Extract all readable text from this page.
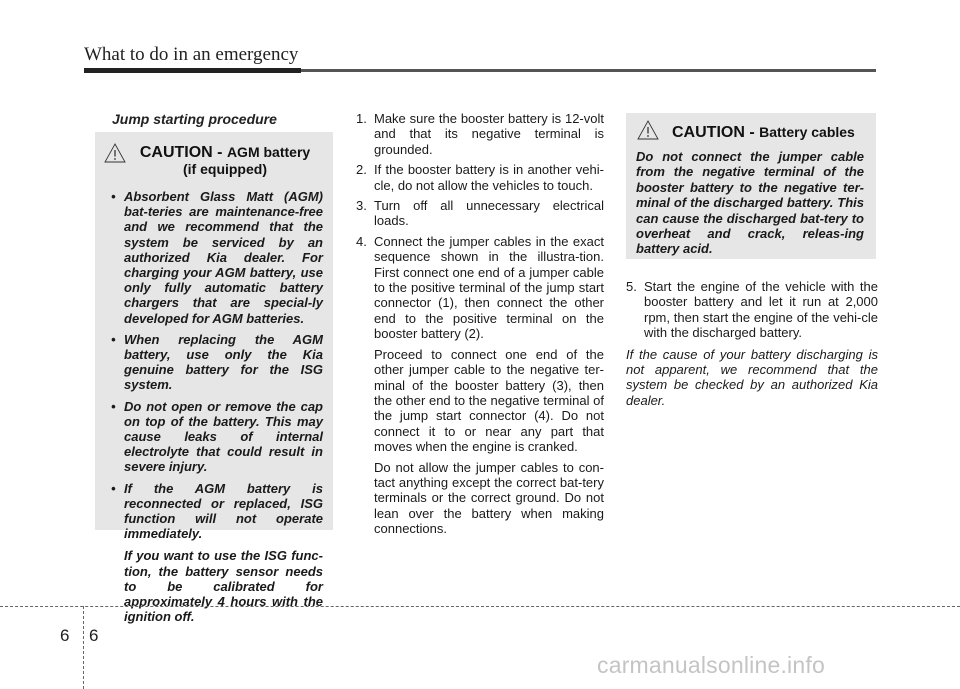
What to do in an emergency
Jump starting procedure
CAUTION - AGM battery
(if equipped)
• Absorbent Glass Matt (AGM) bat-teries are maintenance-free and we recommend that the system be serviced by an authorized Kia dealer. For charging your AGM battery, use only fully automatic battery chargers that are special-ly developed for AGM batteries.
• When replacing the AGM battery, use only the Kia genuine battery for the ISG system.
• Do not open or remove the cap on top of the battery. This may cause leaks of internal electrolyte that could result in severe injury.
• If the AGM battery is reconnected or replaced, ISG function will not operate immediately.

If you want to use the ISG func-tion, the battery sensor needs to be calibrated for approximately 4 hours with the ignition off.

1. Make sure the booster battery is 12-volt and that its negative terminal is grounded.

2. If the booster battery is in another vehi-cle, do not allow the vehicles to touch.

3. Turn off all unnecessary electrical loads.

4. Connect the jumper cables in the exact sequence shown in the illustra-tion. First connect one end of a jumper cable to the positive terminal of the jump start connector (1), then connect the other end to the positive terminal on the booster battery (2).

Proceed to connect one end of the other jumper cable to the negative ter-minal of the booster battery (3), then the other end to the negative terminal of the jump start connector (4). Do not connect it to or near any part that moves when the engine is cranked.

Do not allow the jumper cables to con-tact anything except the correct bat-tery terminals or the correct ground. Do not lean over the battery when making connections.

CAUTION - Battery cables

Do not connect the jumper cable from the negative terminal of the booster battery to the negative ter-minal of the discharged battery. This can cause the discharged bat-tery to overheat and crack, releas-ing battery acid.

5. Start the engine of the vehicle with the booster battery and let it run at 2,000 rpm, then start the engine of the vehi-cle with the discharged battery.

If the cause of your battery discharging is not apparent, we recommend that the system be checked by an authorized Kia dealer.

6 6
carmanualsonline.info
